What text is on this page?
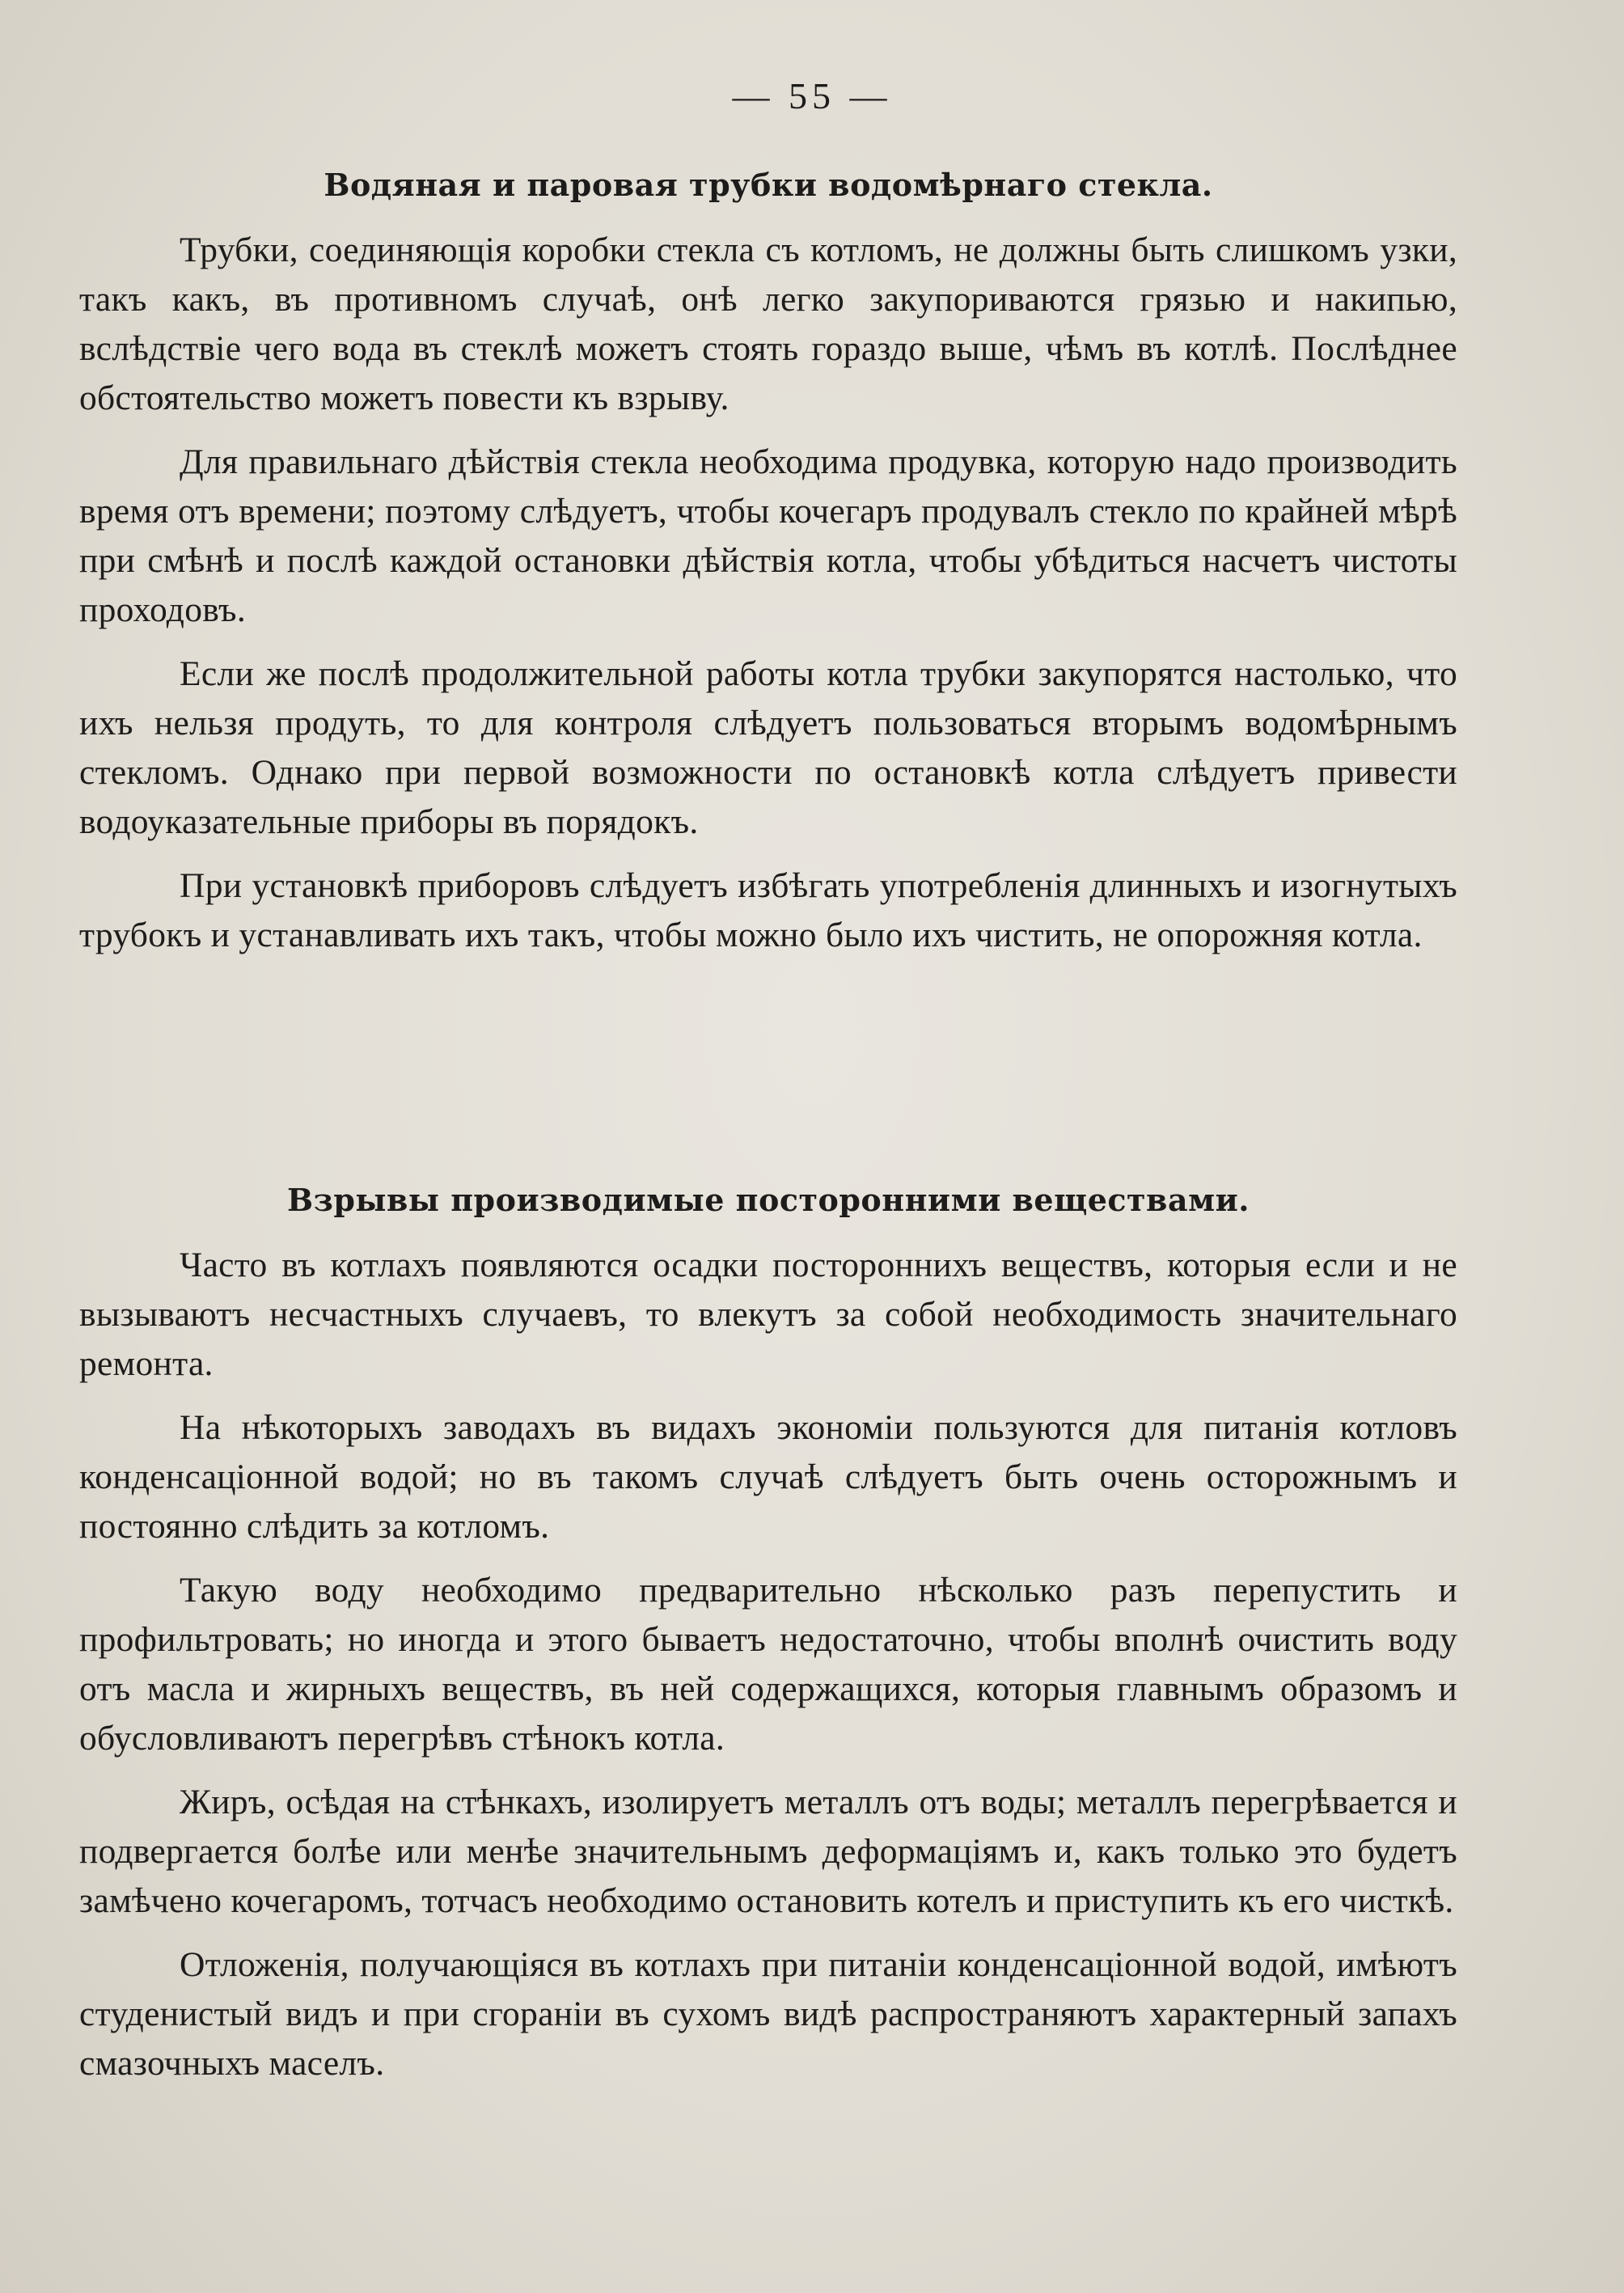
— 55 —
Водяная и паровая трубки водомѣрнаго стекла.

Трубки, соединяющія коробки стекла съ котломъ, не должны быть слишкомъ узки, такъ какъ, въ противномъ случаѣ, онѣ легко закупориваются грязью и накипью, вслѣдствіе чего вода въ стеклѣ можетъ стоять гораздо выше, чѣмъ въ котлѣ. Послѣднее обстоятельство можетъ повести къ взрыву.

Для правильнаго дѣйствія стекла необходима продувка, которую надо производить время отъ времени; поэтому слѣдуетъ, чтобы кочегаръ продувалъ стекло по крайней мѣрѣ при смѣнѣ и послѣ каждой остановки дѣйствія котла, чтобы убѣдиться насчетъ чистоты проходовъ.

Если же послѣ продолжительной работы котла трубки закупорятся настолько, что ихъ нельзя продуть, то для контроля слѣдуетъ пользоваться вторымъ водомѣрнымъ стекломъ. Однако при первой возможности по остановкѣ котла слѣдуетъ привести водоуказательные приборы въ порядокъ.

При установкѣ приборовъ слѣдуетъ избѣгать употребленія длинныхъ и изогнутыхъ трубокъ и устанавливать ихъ такъ, чтобы можно было ихъ чистить, не опорожняя котла.

Взрывы производимые посторонними веществами.

Часто въ котлахъ появляются осадки постороннихъ веществъ, которыя если и не вызываютъ несчастныхъ случаевъ, то влекутъ за собой необходимость значительнаго ремонта.

На нѣкоторыхъ заводахъ въ видахъ экономіи пользуются для питанія котловъ конденсаціонной водой; но въ такомъ случаѣ слѣдуетъ быть очень осторожнымъ и постоянно слѣдить за котломъ.

Такую воду необходимо предварительно нѣсколько разъ перепустить и профильтровать; но иногда и этого бываетъ недостаточно, чтобы вполнѣ очистить воду отъ масла и жирныхъ веществъ, въ ней содержащихся, которыя главнымъ образомъ и обусловливаютъ перегрѣвъ стѣнокъ котла.

Жиръ, осѣдая на стѣнкахъ, изолируетъ металлъ отъ воды; металлъ перегрѣвается и подвергается болѣе или менѣе значительнымъ деформаціямъ и, какъ только это будетъ замѣчено кочегаромъ, тотчасъ необходимо остановить котелъ и приступить къ его чисткѣ.

Отложенія, получающіяся въ котлахъ при питаніи конденсаціонной водой, имѣютъ студенистый видъ и при сгораніи въ сухомъ видѣ распространяютъ характерный запахъ смазочныхъ маселъ.
